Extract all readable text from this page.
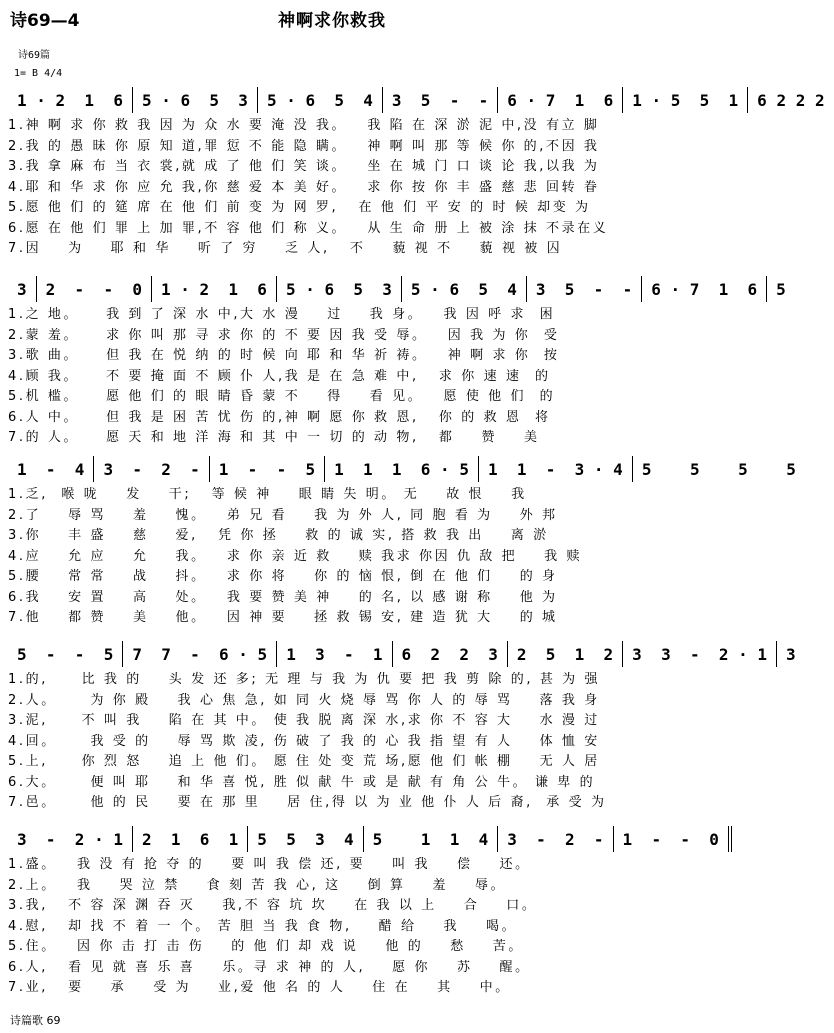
诗69—4	神啊求你救我
诗69篇
1= B 4/4
1 · 2  1  6 5 · 6  5  3 5 · 6  5  4 3  5  -  - 6 · 7  1  6 1 · 5  5  1 6 2 2 2
1.神 啊 求 你 救 我 因 为 众 水 要 淹 没 我。   我 陷 在 深 淤 泥 中,没 有立 脚
2.我 的 愚 昧 你 原 知 道,罪 愆 不 能 隐 瞒。   神 啊 叫 那 等 候 你 的,不因 我
3.我 拿 麻 布 当 衣 裳,就 成 了 他 们 笑 谈。   坐 在 城 门 口 谈 论 我,以我 为
4.耶 和 华 求 你 应 允 我,你 慈 爱 本 美 好。   求 你 按 你 丰 盛 慈 悲 回转 眷
5.愿 他 们 的 筵 席 在 他 们 前 变 为 网 罗,   在 他 们 平 安 的 时 候 却变 为
6.愿 在 他 们 罪 上 加 罪,不 容 他 们 称 义。   从 生 命 册 上 被 涂 抹 不录在义
7.因    为    耶 和 华    听 了 穷    乏 人,   不    藐 视 不    藐 视 被 囚
3 2  -  -  0 1 · 2  1  6 5 · 6  5  3 5 · 6  5  4 3  5  -  - 6 · 7  1  6 5
1.之 地。    我 到 了 深 水 中,大 水 漫    过    我 身。   我 因 呼 求  困
2.蒙 羞。    求 你 叫 那 寻 求 你 的 不 要 因 我 受 辱。   因 我 为 你  受
3.歌 曲。    但 我 在 悦 纳 的 时 候 向 耶 和 华 祈 祷。   神 啊 求 你  按
4.顾 我。    不 要 掩 面 不 顾 仆 人,我 是 在 急 难 中,   求 你 速 速  的
5.机 槛。    愿 他 们 的 眼 睛 昏 蒙 不    得    看 见。   愿 使 他 们  的
6.人 中。    但 我 是 困 苦 忧 伤 的,神 啊 愿 你 救 恩,   你 的 救 恩  将
7.的 人。    愿 天 和 地 洋 海 和 其 中 一 切 的 动 物,   都    赞    美
1  -  4 3  -  2  - 1  -  -  5 1  1  1  6 · 5 1  1  -  3 · 4 5    5    5    5
1.乏,  喉 咙    发    干;   等 候 神    眼 睛 失 明。 无    故 恨    我
2.了    辱 骂    羞    愧。   弟 兄 看    我 为 外 人, 同 胞 看 为    外 邦
3.你    丰 盛    慈    爱,   凭 你 拯    救 的 诚 实, 搭 救 我 出    离 淤
4.应    允 应    允    我。   求 你 亲 近 救    赎 我求 你因 仇 敌 把    我 赎
5.腰    常 常    战    抖。   求 你 将    你 的 恼 恨, 倒 在 他 们    的 身
6.我    安 置    高    处。   我 要 赞 美 神    的 名, 以 感 谢 称    他 为
7.他    都 赞    美    他。   因 神 要    拯 救 锡 安, 建 造 犹 大    的 城
5  -  -  5 7  7  -  6 · 5 1  3  -  1 6  2  2  3 2  5  1  2 3  3  -  2 · 1 3
1.的,     比 我 的    头 发 还 多; 无 理 与 我 为 仇 要 把 我 剪 除 的, 甚 为 强
2.人。     为 你 殿    我 心 焦 急, 如 同 火 烧 辱 骂 你 人 的 辱 骂    落 我 身
3.泥,     不 叫 我    陷 在 其 中。 使 我 脱 离 深 水,求 你 不 容 大    水 漫 过
4.回。     我 受 的    辱 骂 欺 凌, 伤 破 了 我 的 心 我 指 望 有 人    体 恤 安
5.上,     你 烈 怒    追 上 他 们。 愿 住 处 变 荒 场,愿 他 们 帐 棚    无 人 居
6.大。     便 叫 耶    和 华 喜 悦, 胜 似 献 牛 或 是 献 有 角 公 牛。 谦 卑 的
7.邑。     他 的 民    要 在 那 里    居 住,得 以 为 业 他 仆 人 后 裔,  承 受 为
3  -  2 · 1 2  1  6  1 5  5  3  4 5    1  1  4 3  -  2  - 1  -  -  0
1.盛。   我 没 有 抢 夺 的    要 叫 我 偿 还, 要    叫 我    偿    还。
2.上。   我    哭 泣 禁    食 刻 苦 我 心, 这    倒 算    羞    辱。
3.我,   不 容 深 渊 吞 灭    我,不 容 坑 坎    在 我 以 上    合    口。
4.慰,   却 找 不 着 一 个。 苦 胆 当 我 食 物,    醋 给    我    喝。
5.住。   因 你 击 打 击 伤    的 他 们 却 戏 说    他 的    愁    苦。
6.人,   看 见 就 喜 乐 喜    乐。寻 求 神 的 人,    愿 你    苏    醒。
7.业,   要    承    受 为    业,爱 他 名 的 人    住 在    其    中。
诗篇歌 69
